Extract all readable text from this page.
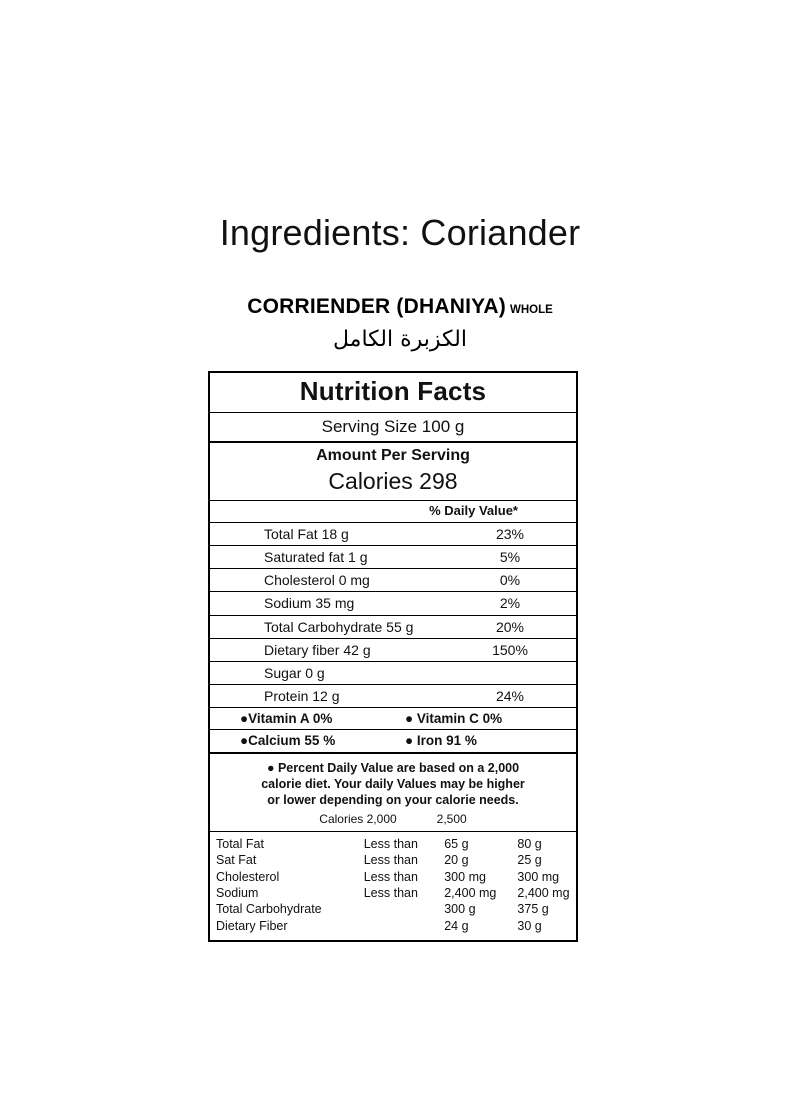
Ingredients: Coriander
CORRIENDER (DHANIYA) WHOLE
الكزبرة الكامل
Nutrition Facts
Serving Size 100 g
Amount Per Serving
Calories 298
% Daily Value*
Total Fat 18 g	23%
Saturated fat 1 g	5%
Cholesterol 0 mg	0%
Sodium 35 mg	2%
Total Carbohydrate 55 g	20%
Dietary fiber 42 g	150%
Sugar 0 g
Protein 12 g	24%
●Vitamin A 0%	● Vitamin C 0%
●Calcium 55 %	● Iron 91 %
● Percent Daily Value are based on a 2,000
calorie diet. Your daily Values may be higher
or lower depending on your calorie needs.
Calories 2,000	2,500
Total Fat	Less than	65 g	80 g
Sat Fat	Less than	20 g	25 g
Cholesterol	Less than	300 mg	300 mg
Sodium	Less than	2,400 mg	2,400 mg
Total Carbohydrate		300 g	375 g
Dietary Fiber		24 g	30 g
